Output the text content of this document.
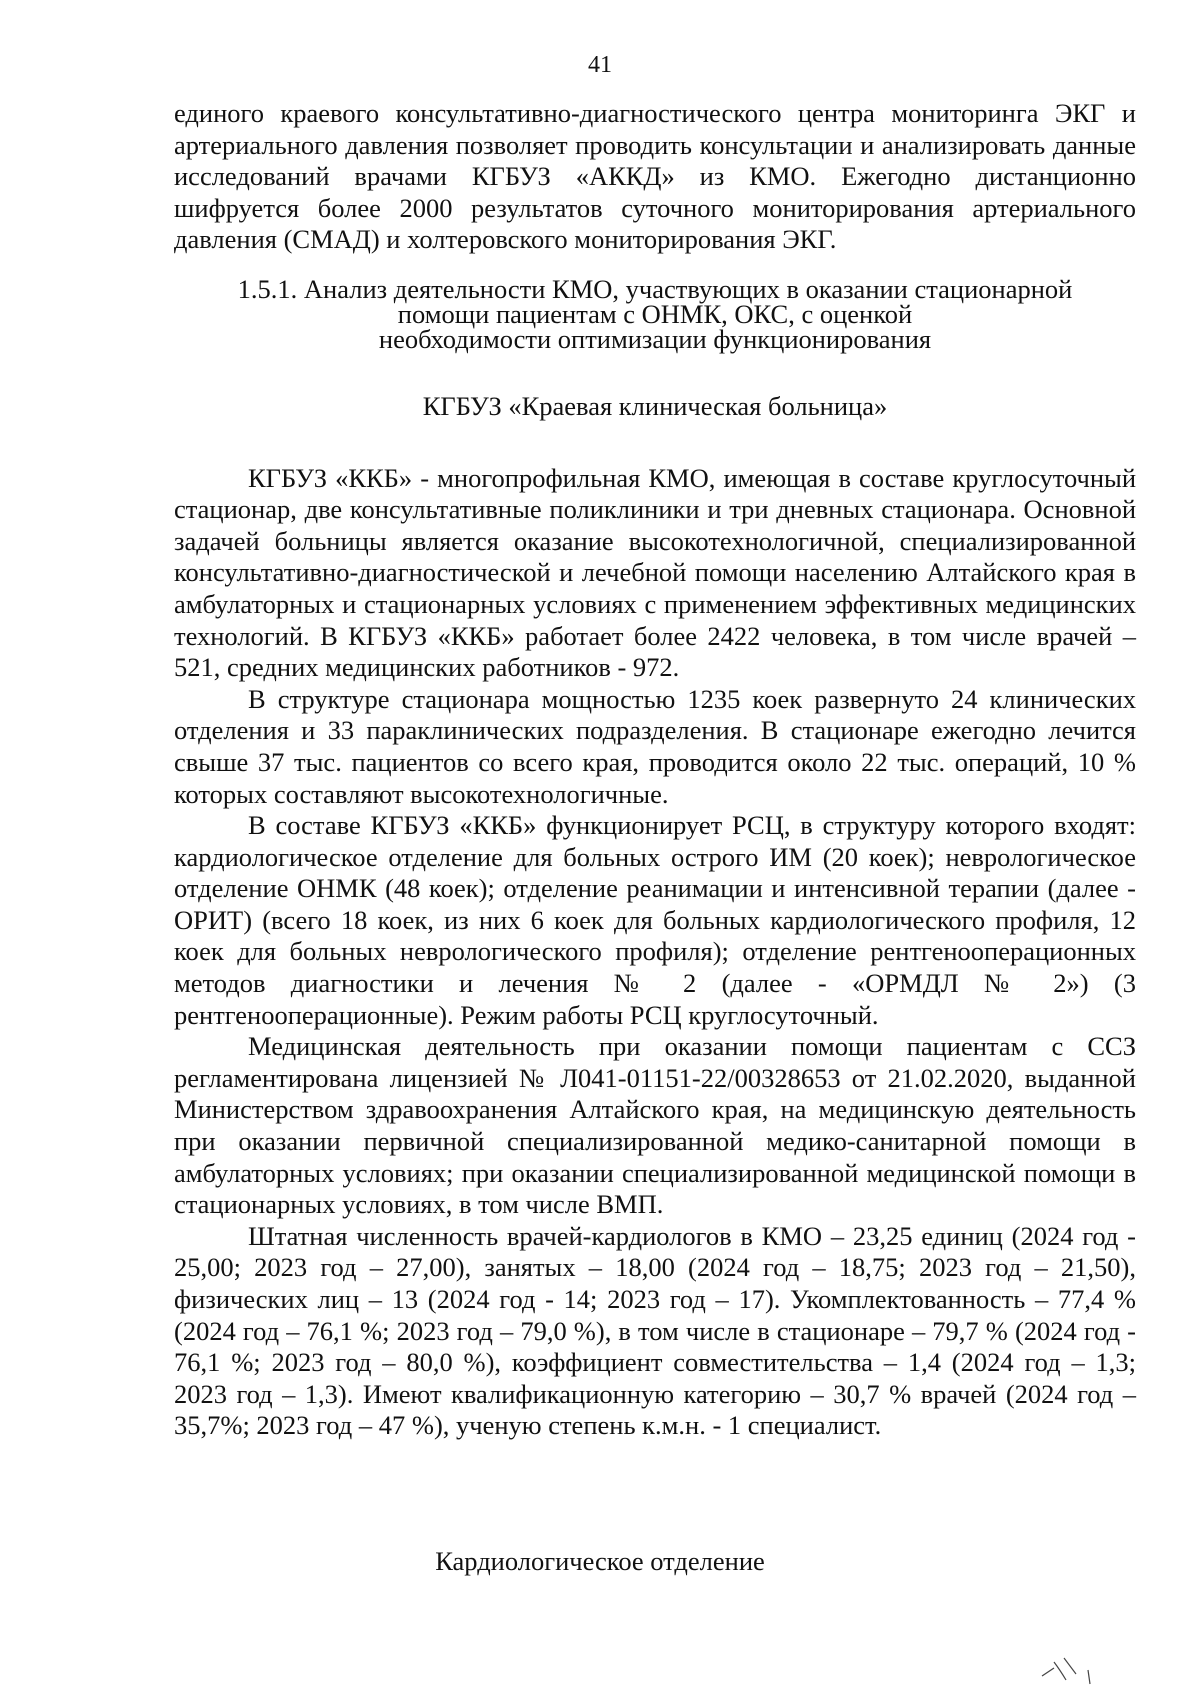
41

единого краевого консультативно-диагностического центра мониторинга ЭКГ и артериального давления позволяет проводить консультации и анализировать данные исследований врачами КГБУЗ «АККД» из КМО. Ежегодно дистанционно шифруется более 2000 результатов суточного мониторирования артериального давления (СМАД) и холтеровского мониторирования ЭКГ.

1.5.1. Анализ деятельности КМО, участвующих в оказании стационарной
помощи пациентам с ОНМК, ОКС, с оценкой
необходимости оптимизации функционирования
КГБУЗ «Краевая клиническая больница»

КГБУЗ «ККБ» - многопрофильная КМО, имеющая в составе круглосуточный стационар, две консультативные поликлиники и три дневных стационара. Основной задачей больницы является оказание высокотехнологичной, специализированной консультативно-диагностической и лечебной помощи населению Алтайского края в амбулаторных и стационарных условиях с применением эффективных медицинских технологий. В КГБУЗ «ККБ» работает более 2422 человека, в том числе врачей – 521, средних медицинских работников - 972.

В структуре стационара мощностью 1235 коек развернуто 24 клинических отделения и 33 параклинических подразделения. В стационаре ежегодно лечится свыше 37 тыс. пациентов со всего края, проводится около 22 тыс. операций, 10 % которых составляют высокотехнологичные.

В составе КГБУЗ «ККБ» функционирует РСЦ, в структуру которого входят: кардиологическое отделение для больных острого ИМ (20 коек); неврологическое отделение ОНМК (48 коек); отделение реанимации и интенсивной терапии (далее - ОРИТ) (всего 18 коек, из них 6 коек для больных кардиологического профиля, 12 коек для больных неврологического профиля); отделение рентгенооперационных методов диагностики и лечения № 2 (далее - «ОРМДЛ № 2») (3 рентгенооперационные). Режим работы РСЦ круглосуточный.

Медицинская деятельность при оказании помощи пациентам с ССЗ регламентирована лицензией № Л041-01151-22/00328653 от 21.02.2020, выданной Министерством здравоохранения Алтайского края, на медицинскую деятельность при оказании первичной специализированной медико-санитарной помощи в амбулаторных условиях; при оказании специализированной медицинской помощи в стационарных условиях, в том числе ВМП.

Штатная численность врачей-кардиологов в КМО – 23,25 единиц (2024 год - 25,00; 2023 год – 27,00), занятых – 18,00 (2024 год – 18,75; 2023 год – 21,50), физических лиц – 13 (2024 год - 14; 2023 год – 17). Укомплектованность – 77,4 % (2024 год – 76,1 %; 2023 год – 79,0 %), в том числе в стационаре – 79,7 % (2024 год - 76,1 %; 2023 год – 80,0 %), коэффициент совместительства – 1,4 (2024 год – 1,3; 2023 год – 1,3). Имеют квалификационную категорию – 30,7 % врачей (2024 год – 35,7%; 2023 год – 47 %), ученую степень к.м.н. - 1 специалист.

Кардиологическое отделение
